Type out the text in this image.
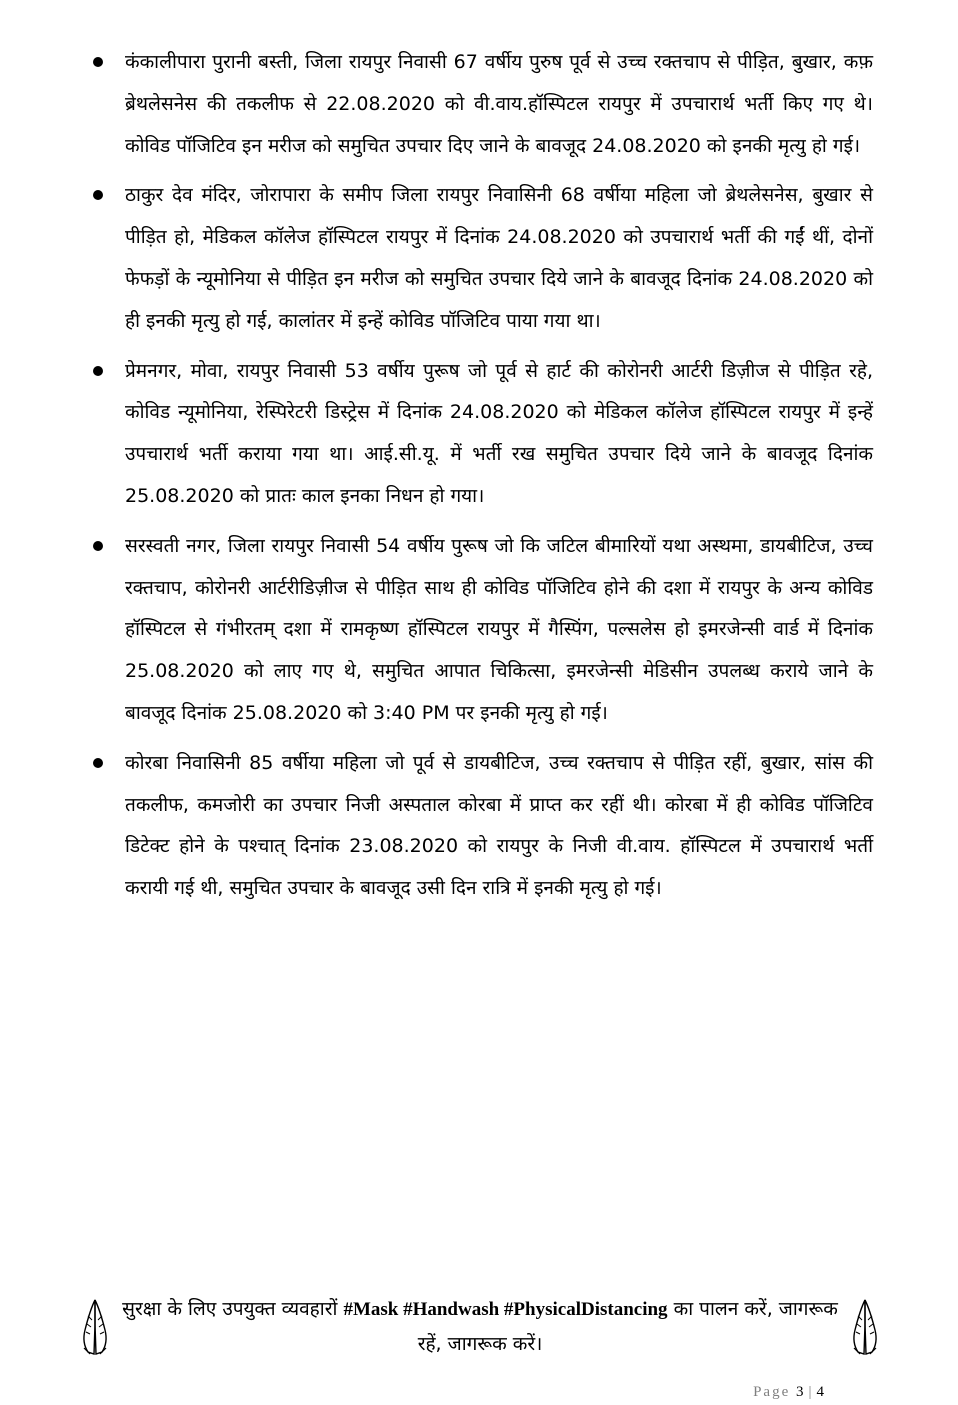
कंकालीपारा पुरानी बस्ती, जिला रायपुर निवासी 67 वर्षीय पुरुष पूर्व से उच्च रक्तचाप से पीड़ित, बुखार, कफ़ ब्रेथलेसनेस की तकलीफ से 22.08.2020 को वी.वाय.हॉस्पिटल रायपुर में उपचारार्थ भर्ती किए गए थे। कोविड पॉजिटिव इन मरीज को समुचित उपचार दिए जाने के बावजूद 24.08.2020 को इनकी मृत्यु हो गई।
ठाकुर देव मंदिर, जोरापारा के समीप जिला रायपुर निवासिनी 68 वर्षीया महिला जो ब्रेथलेसनेस, बुखार से पीड़ित हो, मेडिकल कॉलेज हॉस्पिटल रायपुर में दिनांक 24.08.2020 को उपचारार्थ भर्ती की गईं थीं, दोनों फेफड़ों के न्यूमोनिया से पीड़ित इन मरीज को समुचित उपचार दिये जाने के बावजूद दिनांक 24.08.2020 को ही इनकी मृत्यु हो गई, कालांतर में इन्हें कोविड पॉजिटिव पाया गया था।
प्रेमनगर, मोवा, रायपुर निवासी 53 वर्षीय पुरूष जो पूर्व से हार्ट की कोरोनरी आर्टरी डिज़ीज से पीड़ित रहे, कोविड न्यूमोनिया, रेस्पिरेटरी डिस्ट्रेस में दिनांक 24.08.2020 को मेडिकल कॉलेज हॉस्पिटल रायपुर में इन्हें उपचारार्थ भर्ती कराया गया था। आई.सी.यू. में भर्ती रख समुचित उपचार दिये जाने के बावजूद दिनांक 25.08.2020 को प्रातः काल इनका निधन हो गया।
सरस्वती नगर, जिला रायपुर निवासी 54 वर्षीय पुरूष जो कि जटिल बीमारियों यथा अस्थमा, डायबीटिज, उच्च रक्तचाप, कोरोनरी आर्टरीडिज़ीज से पीड़ित साथ ही कोविड पॉजिटिव होने की दशा में रायपुर के अन्य कोविड हॉस्पिटल से गंभीरतम् दशा में रामकृष्ण हॉस्पिटल रायपुर में गैस्पिंग, पल्सलेस हो इमरजेन्सी वार्ड में दिनांक 25.08.2020 को लाए गए थे, समुचित आपात चिकित्सा, इमरजेन्सी मेडिसीन उपलब्ध कराये जाने के बावजूद दिनांक 25.08.2020 को 3:40 PM पर इनकी मृत्यु हो गई।
कोरबा निवासिनी 85 वर्षीया महिला जो पूर्व से डायबीटिज, उच्च रक्तचाप से पीड़ित रहीं, बुखार, सांस की तकलीफ, कमजोरी का उपचार निजी अस्पताल कोरबा में प्राप्त कर रहीं थी। कोरबा में ही कोविड पॉजिटिव डिटेक्ट होने के पश्चात् दिनांक 23.08.2020 को रायपुर के निजी वी.वाय. हॉस्पिटल में उपचारार्थ भर्ती करायी गई थी, समुचित उपचार के बावजूद उसी दिन रात्रि में इनकी मृत्यु हो गई।
सुरक्षा के लिए उपयुक्त व्यवहारों #Mask #Handwash #PhysicalDistancing का पालन करें, जागरूक रहें, जागरूक करें।
Page 3 | 4
